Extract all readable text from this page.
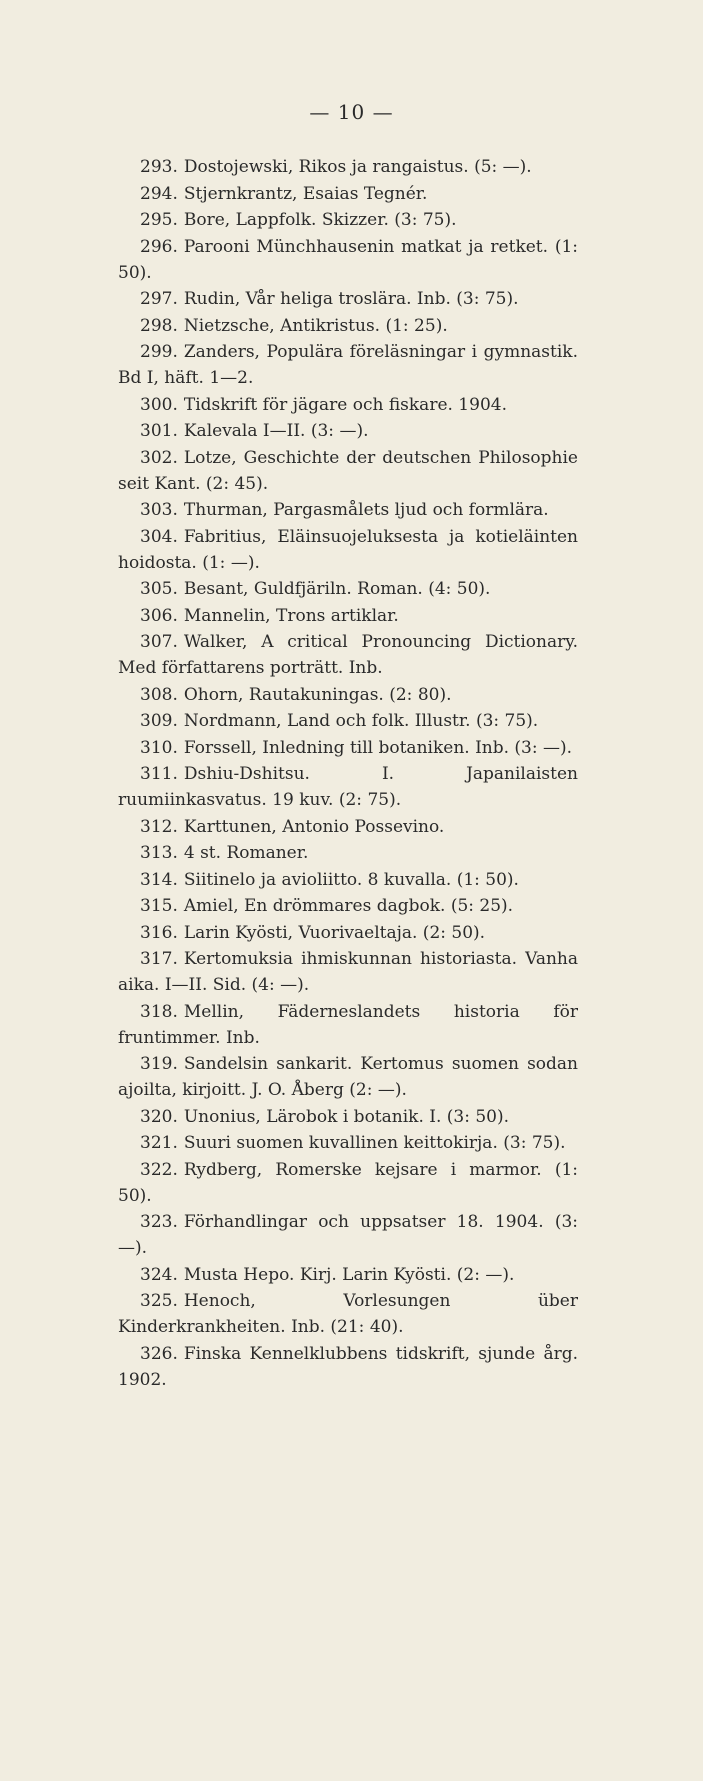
— 10 —

293. Dostojewski, Rikos ja rangaistus. (5: —).

294. Stjernkrantz, Esaias Tegnér.

295. Bore, Lappfolk. Skizzer. (3: 75).

296. Parooni Münchhausenin matkat ja retket. (1: 50).

297. Rudin, Vår heliga troslära. Inb. (3: 75).

298. Nietzsche, Antikristus. (1: 25).

299. Zanders, Populära föreläsningar i gymnastik. Bd I, häft. 1—2.

300. Tidskrift för jägare och fiskare. 1904.

301. Kalevala I—II. (3: —).

302. Lotze, Geschichte der deutschen Philosophie seit Kant. (2: 45).

303. Thurman, Pargasmålets ljud och formlära.

304. Fabritius, Eläinsuojeluksesta ja kotieläinten hoidosta. (1: —).

305. Besant, Guldfjäriln. Roman. (4: 50).

306. Mannelin, Trons artiklar.

307. Walker, A critical Pronouncing Dictionary. Med författarens porträtt. Inb.

308. Ohorn, Rautakuningas. (2: 80).

309. Nordmann, Land och folk. Illustr. (3: 75).

310. Forssell, Inledning till botaniken. Inb. (3: —).

311. Dshiu-Dshitsu. I. Japanilaisten ruumiinkasvatus. 19 kuv. (2: 75).

312. Karttunen, Antonio Possevino.

313. 4 st. Romaner.

314. Siitinelo ja avioliitto. 8 kuvalla. (1: 50).

315. Amiel, En drömmares dagbok. (5: 25).

316. Larin Kyösti, Vuorivaeltaja. (2: 50).

317. Kertomuksia ihmiskunnan historiasta. Vanha aika. I—II. Sid. (4: —).

318. Mellin, Fäderneslandets historia för fruntimmer. Inb.

319. Sandelsin sankarit. Kertomus suomen sodan ajoilta, kirjoitt. J. O. Åberg (2: —).

320. Unonius, Lärobok i botanik. I. (3: 50).

321. Suuri suomen kuvallinen keittokirja. (3: 75).

322. Rydberg, Romerske kejsare i marmor. (1: 50).

323. Förhandlingar och uppsatser 18. 1904. (3: —).

324. Musta Hepo. Kirj. Larin Kyösti. (2: —).

325. Henoch, Vorlesungen über Kinderkrankheiten. Inb. (21: 40).

326. Finska Kennelklubbens tidskrift, sjunde årg. 1902.
